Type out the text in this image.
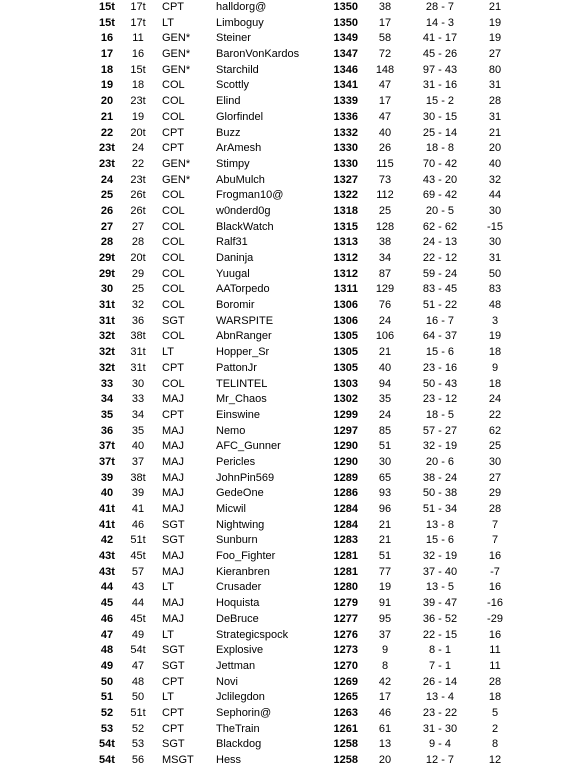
15t	17t	CPT	halldorg@	1350	38	28 - 7	21
15t	17t	LT	Limboguy	1350	17	14 - 3	19
16	11	GEN*	Steiner	1349	58	41 - 17	19
17	16	GEN*	BaronVonKardos	1347	72	45 - 26	27
18	15t	GEN*	Starchild	1346	148	97 - 43	80
19	18	COL	Scottly	1341	47	31 - 16	31
20	23t	COL	Elind	1339	17	15 - 2	28
21	19	COL	Glorfindel	1336	47	30 - 15	31
22	20t	CPT	Buzz	1332	40	25 - 14	21
23t	24	CPT	ArAmesh	1330	26	18 - 8	20
23t	22	GEN*	Stimpy	1330	115	70 - 42	40
24	23t	GEN*	AbuMulch	1327	73	43 - 20	32
25	26t	COL	Frogman10@	1322	112	69 - 42	44
26	26t	COL	w0nderd0g	1318	25	20 - 5	30
27	27	COL	BlackWatch	1315	128	62 - 62	-15
28	28	COL	Ralf31	1313	38	24 - 13	30
29t	20t	COL	Daninja	1312	34	22 - 12	31
29t	29	COL	Yuugal	1312	87	59 - 24	50
30	25	COL	AATorpedo	1311	129	83 - 45	83
31t	32	COL	Boromir	1306	76	51 - 22	48
31t	36	SGT	WARSPITE	1306	24	16 - 7	3
32t	38t	COL	AbnRanger	1305	106	64 - 37	19
32t	31t	LT	Hopper_Sr	1305	21	15 - 6	18
32t	31t	CPT	PattonJr	1305	40	23 - 16	9
33	30	COL	TELINTEL	1303	94	50 - 43	18
34	33	MAJ	Mr_Chaos	1302	35	23 - 12	24
35	34	CPT	Einswine	1299	24	18 - 5	22
36	35	MAJ	Nemo	1297	85	57 - 27	62
37t	40	MAJ	AFC_Gunner	1290	51	32 - 19	25
37t	37	MAJ	Pericles	1290	30	20 - 6	30
39	38t	MAJ	JohnPin569	1289	65	38 - 24	27
40	39	MAJ	GedeOne	1286	93	50 - 38	29
41t	41	MAJ	Micwil	1284	96	51 - 34	28
41t	46	SGT	Nightwing	1284	21	13 - 8	7
42	51t	SGT	Sunburn	1283	21	15 - 6	7
43t	45t	MAJ	Foo_Fighter	1281	51	32 - 19	16
43t	57	MAJ	Kieranbren	1281	77	37 - 40	-7
44	43	LT	Crusader	1280	19	13 - 5	16
45	44	MAJ	Hoquista	1279	91	39 - 47	-16
46	45t	MAJ	DeBruce	1277	95	36 - 52	-29
47	49	LT	Strategicspock	1276	37	22 - 15	16
48	54t	SGT	Explosive	1273	9	8 - 1	11
49	47	SGT	Jettman	1270	8	7 - 1	11
50	48	CPT	Novi	1269	42	26 - 14	28
51	50	LT	Jclilegdon	1265	17	13 - 4	18
52	51t	CPT	Sephorin@	1263	46	23 - 22	5
53	52	CPT	TheTrain	1261	61	31 - 30	2
54t	53	SGT	Blackdog	1258	13	9 - 4	8
54t	56	MSGT	Hess	1258	20	12 - 7	12
